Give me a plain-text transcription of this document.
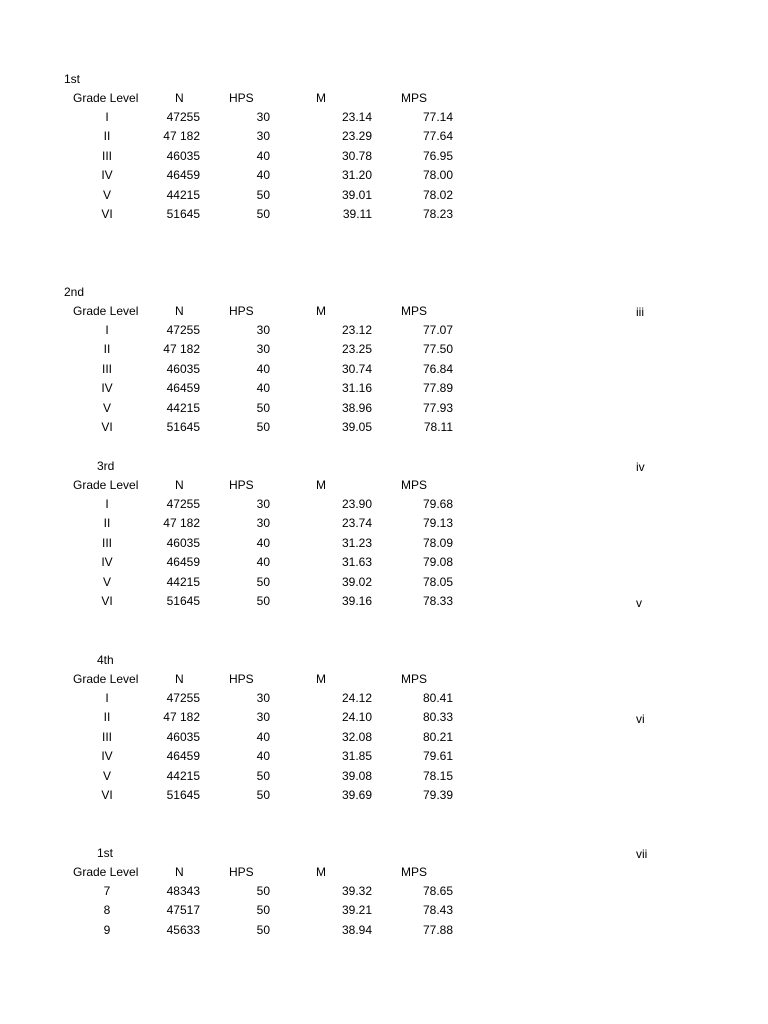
1st
Grade Level	N	HPS	M	MPS
I	47255	30	23.14	77.14
II	47 182	30	23.29	77.64
III	46035	40	30.78	76.95
IV	46459	40	31.20	78.00
V	44215	50	39.01	78.02
VI	51645	50	39.11	78.23
2nd
Grade Level	N	HPS	M	MPS
I	47255	30	23.12	77.07
II	47 182	30	23.25	77.50
III	46035	40	30.74	76.84
IV	46459	40	31.16	77.89
V	44215	50	38.96	77.93
VI	51645	50	39.05	78.11
3rd
Grade Level	N	HPS	M	MPS
I	47255	30	23.90	79.68
II	47 182	30	23.74	79.13
III	46035	40	31.23	78.09
IV	46459	40	31.63	79.08
V	44215	50	39.02	78.05
VI	51645	50	39.16	78.33
4th
Grade Level	N	HPS	M	MPS
I	47255	30	24.12	80.41
II	47 182	30	24.10	80.33
III	46035	40	32.08	80.21
IV	46459	40	31.85	79.61
V	44215	50	39.08	78.15
VI	51645	50	39.69	79.39
1st
Grade Level	N	HPS	M	MPS
7	48343	50	39.32	78.65
8	47517	50	39.21	78.43
9	45633	50	38.94	77.88
iii
iv
v
vi
vii
